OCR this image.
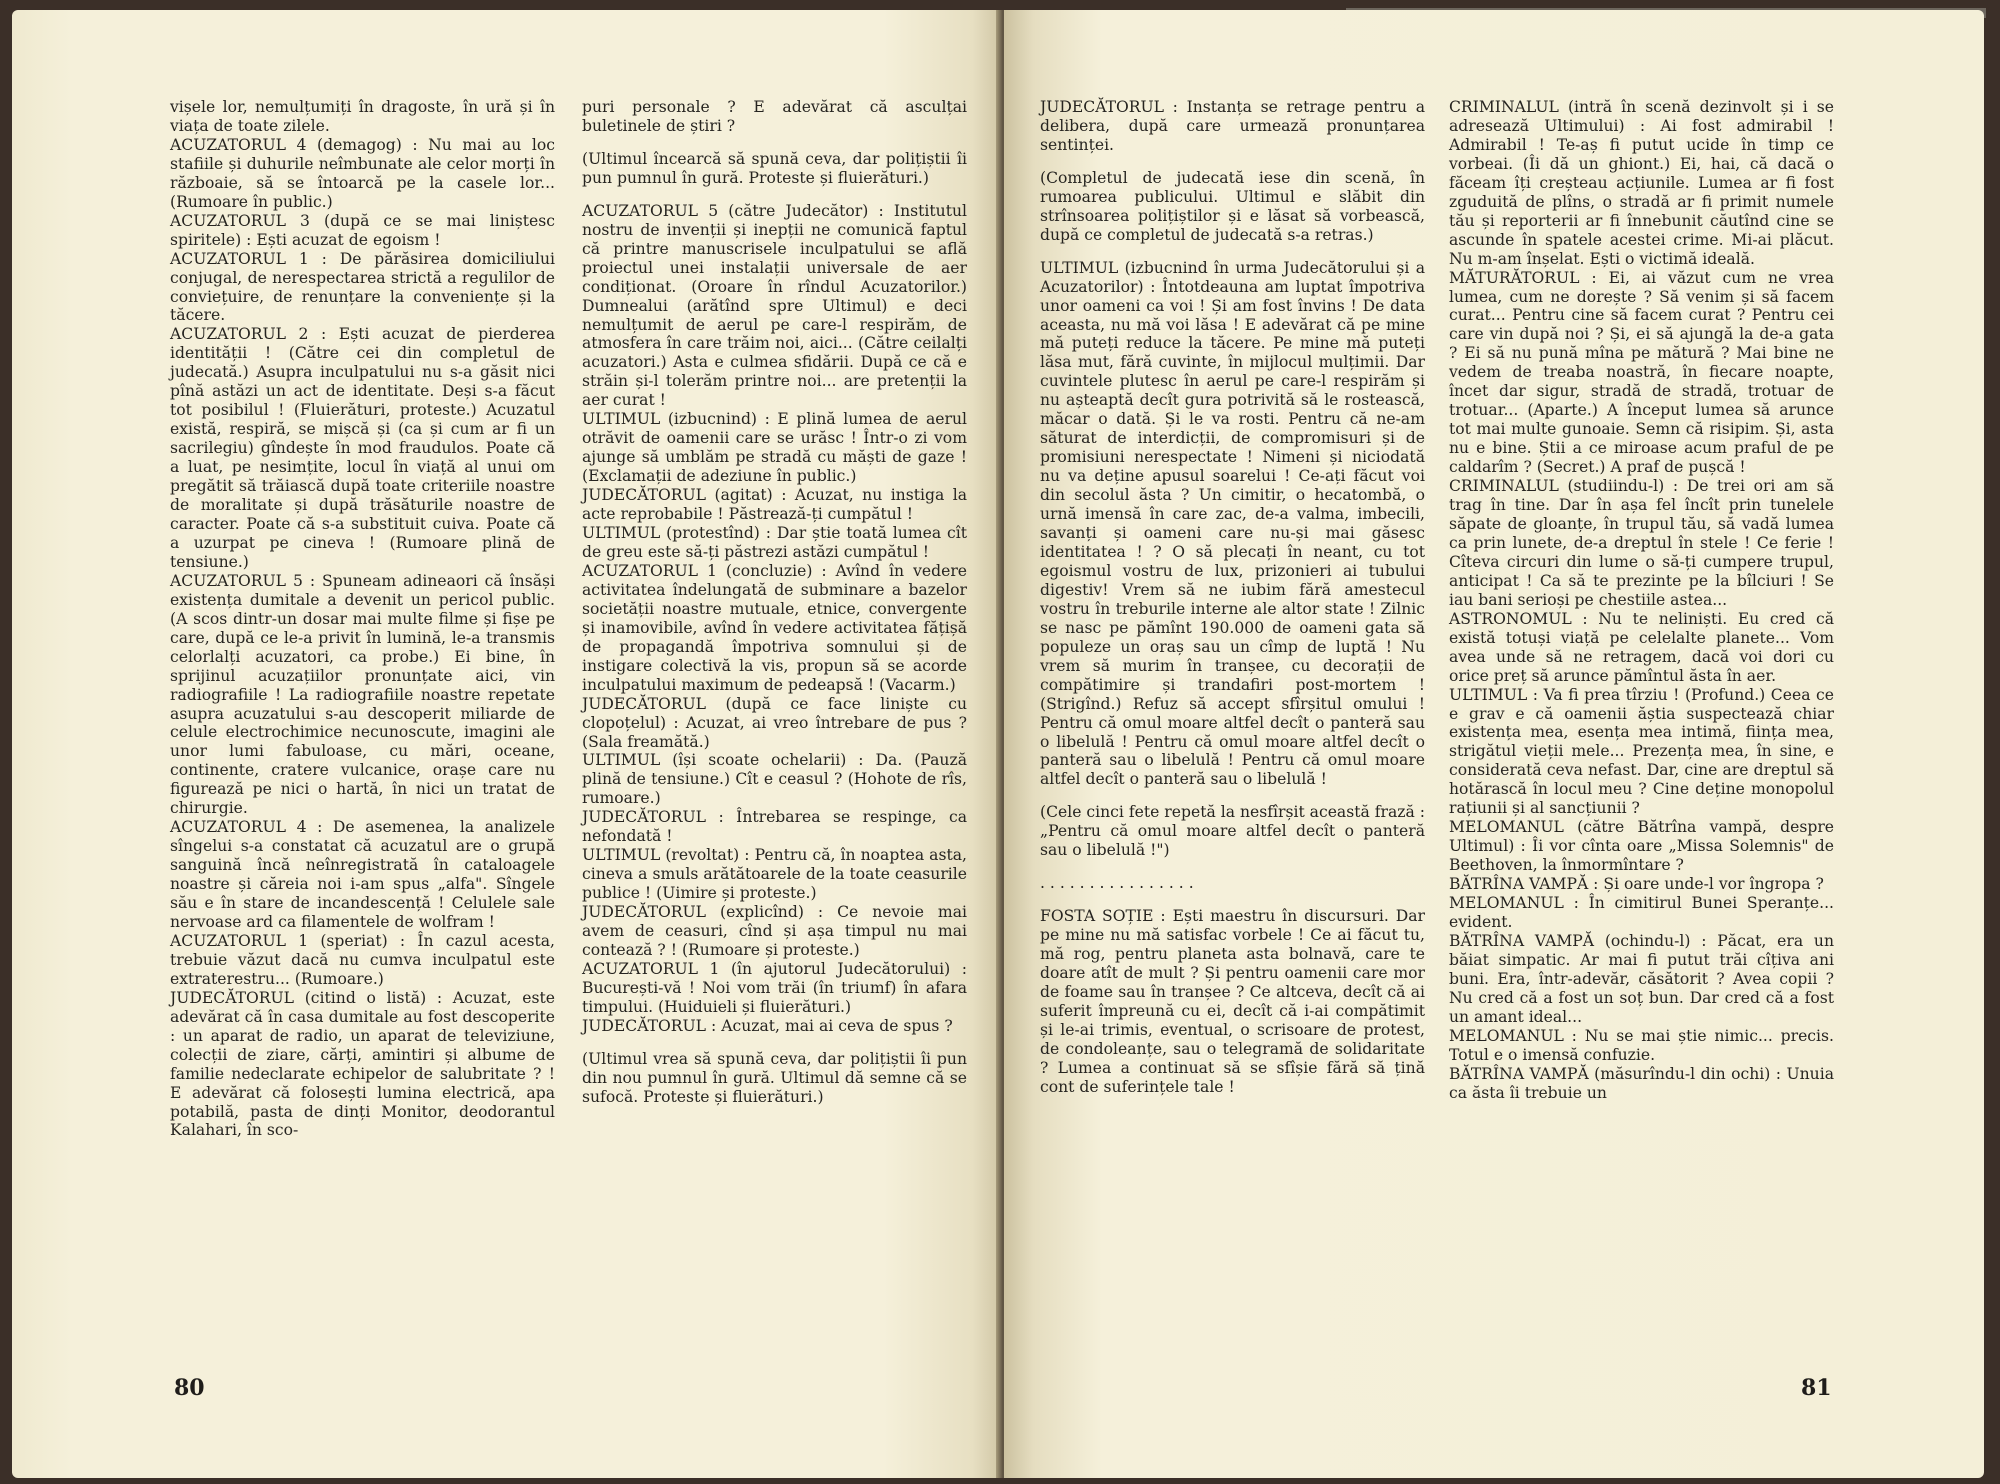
vișele lor, nemulțumiți în dragoste, în ură și în viața de toate zilele.

ACUZATORUL 4 (demagog) : Nu mai au loc stafiile și duhurile neîmbunate ale celor morți în războaie, să se întoarcă pe la casele lor... (Rumoare în public.)

ACUZATORUL 3 (după ce se mai liniștesc spiritele) : Ești acuzat de egoism !

ACUZATORUL 1 : De părăsirea domiciliului conjugal, de nerespectarea strictă a regulilor de conviețuire, de renunțare la conveniențe și la tăcere.

ACUZATORUL 2 : Ești acuzat de pierderea identității ! (Către cei din completul de judecată.) Asupra inculpatului nu s-a găsit nici pînă astăzi un act de identitate. Deși s-a făcut tot posibilul ! (Fluierături, proteste.) Acuzatul există, respiră, se mișcă și (ca și cum ar fi un sacrilegiu) gîndește în mod fraudulos. Poate că a luat, pe nesimțite, locul în viață al unui om pregătit să trăiască după toate criteriile noastre de moralitate și după trăsăturile noastre de caracter. Poate că s-a substituit cuiva. Poate că a uzurpat pe cineva ! (Rumoare plină de tensiune.)

ACUZATORUL 5 : Spuneam adineaori că însăși existența dumitale a devenit un pericol public. (A scos dintr-un dosar mai multe filme și fișe pe care, după ce le-a privit în lumină, le-a transmis celorlalți acuzatori, ca probe.) Ei bine, în sprijinul acuzațiilor pronunțate aici, vin radiografiile ! La radiografiile noastre repetate asupra acuzatului s-au descoperit miliarde de celule electrochimice necunoscute, imagini ale unor lumi fabuloase, cu mări, oceane, continente, cratere vulcanice, orașe care nu figurează pe nici o hartă, în nici un tratat de chirurgie.

ACUZATORUL 4 : De asemenea, la analizele sîngelui s-a constatat că acuzatul are o grupă sanguină încă neînregistrată în cataloagele noastre și căreia noi i-am spus „alfa". Sîngele său e în stare de incandescență ! Celulele sale nervoase ard ca filamentele de wolfram !

ACUZATORUL 1 (speriat) : În cazul acesta, trebuie văzut dacă nu cumva inculpatul este extraterestru... (Rumoare.)

JUDECĂTORUL (citind o listă) : Acuzat, este adevărat că în casa dumitale au fost descoperite : un aparat de radio, un aparat de televiziune, colecții de ziare, cărți, amintiri și albume de familie nedeclarate echipelor de salubritate ? ! E adevărat că folosești lumina electrică, apa potabilă, pasta de dinți Monitor, deodorantul Kalahari, în sco-

puri personale ? E adevărat că asculțai buletinele de știri ?

(Ultimul încearcă să spună ceva, dar polițiștii îi pun pumnul în gură. Proteste și fluierături.)

ACUZATORUL 5 (către Judecător) : Institutul nostru de invenții și inepții ne comunică faptul că printre manuscrisele inculpatului se află proiectul unei instalații universale de aer condiționat. (Oroare în rîndul Acuzatorilor.) Dumnealui (arătînd spre Ultimul) e deci nemulțumit de aerul pe care-l respirăm, de atmosfera în care trăim noi, aici... (Către ceilalți acuzatori.) Asta e culmea sfidării. După ce că e străin și-l tolerăm printre noi... are pretenții la aer curat !

ULTIMUL (izbucnind) : E plină lumea de aerul otrăvit de oamenii care se urăsc ! Într-o zi vom ajunge să umblăm pe stradă cu măști de gaze ! (Exclamații de adeziune în public.)

JUDECĂTORUL (agitat) : Acuzat, nu instiga la acte reprobabile ! Păstrează-ți cumpătul !

ULTIMUL (protestînd) : Dar știe toată lumea cît de greu este să-ți păstrezi astăzi cumpătul !

ACUZATORUL 1 (concluzie) : Avînd în vedere activitatea îndelungată de subminare a bazelor societății noastre mutuale, etnice, convergente și inamovibile, avînd în vedere activitatea fățișă de propagandă împotriva somnului și de instigare colectivă la vis, propun să se acorde inculpatului maximum de pedeapsă ! (Vacarm.)

JUDECĂTORUL (după ce face liniște cu clopoțelul) : Acuzat, ai vreo întrebare de pus ? (Sala freamătă.)

ULTIMUL (își scoate ochelarii) : Da. (Pauză plină de tensiune.) Cît e ceasul ? (Hohote de rîs, rumoare.)

JUDECĂTORUL : Întrebarea se respinge, ca nefondată !

ULTIMUL (revoltat) : Pentru că, în noaptea asta, cineva a smuls arătătoarele de la toate ceasurile publice ! (Uimire și proteste.)

JUDECĂTORUL (explicînd) : Ce nevoie mai avem de ceasuri, cînd și așa timpul nu mai contează ? ! (Rumoare și proteste.)

ACUZATORUL 1 (în ajutorul Judecătorului) : București-vă ! Noi vom trăi (în triumf) în afara timpului. (Huiduieli și fluierături.)

JUDECĂTORUL : Acuzat, mai ai ceva de spus ?

(Ultimul vrea să spună ceva, dar polițiștii îi pun din nou pumnul în gură. Ultimul dă semne că se sufocă. Proteste și fluierături.)

80

JUDECĂTORUL : Instanța se retrage pentru a delibera, după care urmează pronunțarea sentinței.

(Completul de judecată iese din scenă, în rumoarea publicului. Ultimul e slăbit din strînsoarea polițiștilor și e lăsat să vorbească, după ce completul de judecată s-a retras.)

ULTIMUL (izbucnind în urma Judecătorului și a Acuzatorilor) : Întotdeauna am luptat împotriva unor oameni ca voi ! Și am fost învins ! De data aceasta, nu mă voi lăsa ! E adevărat că pe mine mă puteți reduce la tăcere. Pe mine mă puteți lăsa mut, fără cuvinte, în mijlocul mulțimii. Dar cuvintele plutesc în aerul pe care-l respirăm și nu așteaptă decît gura potrivită să le rostească, măcar o dată. Și le va rosti. Pentru că ne-am săturat de interdicții, de compromisuri și de promisiuni nerespectate ! Nimeni și niciodată nu va deține apusul soarelui ! Ce-ați făcut voi din secolul ăsta ? Un cimitir, o hecatombă, o urnă imensă în care zac, de-a valma, imbecili, savanți și oameni care nu-și mai găsesc identitatea ! ? O să plecați în neant, cu tot egoismul vostru de lux, prizonieri ai tubului digestiv! Vrem să ne iubim fără amestecul vostru în treburile interne ale altor state ! Zilnic se nasc pe pămînt 190.000 de oameni gata să populeze un oraș sau un cîmp de luptă ! Nu vrem să murim în tranșee, cu decorații de compătimire și trandafiri post-mortem ! (Strigînd.) Refuz să accept sfîrșitul omului ! Pentru că omul moare altfel decît o panteră sau o libelulă ! Pentru că omul moare altfel decît o panteră sau o libelulă ! Pentru că omul moare altfel decît o panteră sau o libelulă !

(Cele cinci fete repetă la nesfîrșit această frază : „Pentru că omul moare altfel decît o panteră sau o libelulă !")

. . . . . . . . . . . . . . . .

FOSTA SOȚIE : Ești maestru în discursuri. Dar pe mine nu mă satisfac vorbele ! Ce ai făcut tu, mă rog, pentru planeta asta bolnavă, care te doare atît de mult ? Și pentru oamenii care mor de foame sau în tranșee ? Ce altceva, decît că ai suferit împreună cu ei, decît că i-ai compătimit și le-ai trimis, eventual, o scrisoare de protest, de condoleanțe, sau o telegramă de solidaritate ? Lumea a continuat să se sfîșie fără să țină cont de suferințele tale !

CRIMINALUL (intră în scenă dezinvolt și i se adresează Ultimului) : Ai fost admirabil ! Admirabil ! Te-aș fi putut ucide în timp ce vorbeai. (Îi dă un ghiont.) Ei, hai, că dacă o făceam îți creșteau acțiunile. Lumea ar fi fost zguduită de plîns, o stradă ar fi primit numele tău și reporterii ar fi înnebunit căutînd cine se ascunde în spatele acestei crime. Mi-ai plăcut. Nu m-am înșelat. Ești o victimă ideală.

MĂTURĂTORUL : Ei, ai văzut cum ne vrea lumea, cum ne dorește ? Să venim și să facem curat... Pentru cine să facem curat ? Pentru cei care vin după noi ? Și, ei să ajungă la de-a gata ? Ei să nu pună mîna pe mătură ? Mai bine ne vedem de treaba noastră, în fiecare noapte, încet dar sigur, stradă de stradă, trotuar de trotuar... (Aparte.) A început lumea să arunce tot mai multe gunoaie. Semn că risipim. Și, asta nu e bine. Știi a ce miroase acum praful de pe caldarîm ? (Secret.) A praf de pușcă !

CRIMINALUL (studiindu-l) : De trei ori am să trag în tine. Dar în așa fel încît prin tunelele săpate de gloanțe, în trupul tău, să vadă lumea ca prin lunete, de-a dreptul în stele ! Ce ferie ! Cîteva circuri din lume o să-ți cumpere trupul, anticipat ! Ca să te prezinte pe la bîlciuri ! Se iau bani serioși pe chestiile astea...

ASTRONOMUL : Nu te neliniști. Eu cred că există totuși viață pe celelalte planete... Vom avea unde să ne retragem, dacă voi dori cu orice preț să arunce pămîntul ăsta în aer.

ULTIMUL : Va fi prea tîrziu ! (Profund.) Ceea ce e grav e că oamenii ăștia suspectează chiar existența mea, esența mea intimă, ființa mea, strigătul vieții mele... Prezența mea, în sine, e considerată ceva nefast. Dar, cine are dreptul să hotărască în locul meu ? Cine deține monopolul rațiunii și al sancțiunii ?

MELOMANUL (către Bătrîna vampă, despre Ultimul) : Îi vor cînta oare „Missa Solemnis" de Beethoven, la înmormîntare ?

BĂTRÎNA VAMPĂ : Și oare unde-l vor îngropa ?

MELOMANUL : În cimitirul Bunei Speranțe... evident.

BĂTRÎNA VAMPĂ (ochindu-l) : Păcat, era un băiat simpatic. Ar mai fi putut trăi cîțiva ani buni. Era, într-adevăr, căsătorit ? Avea copii ? Nu cred că a fost un soț bun. Dar cred că a fost un amant ideal...

MELOMANUL : Nu se mai știe nimic... precis. Totul e o imensă confuzie.

BĂTRÎNA VAMPĂ (măsurîndu-l din ochi) : Unuia ca ăsta îi trebuie un

81
